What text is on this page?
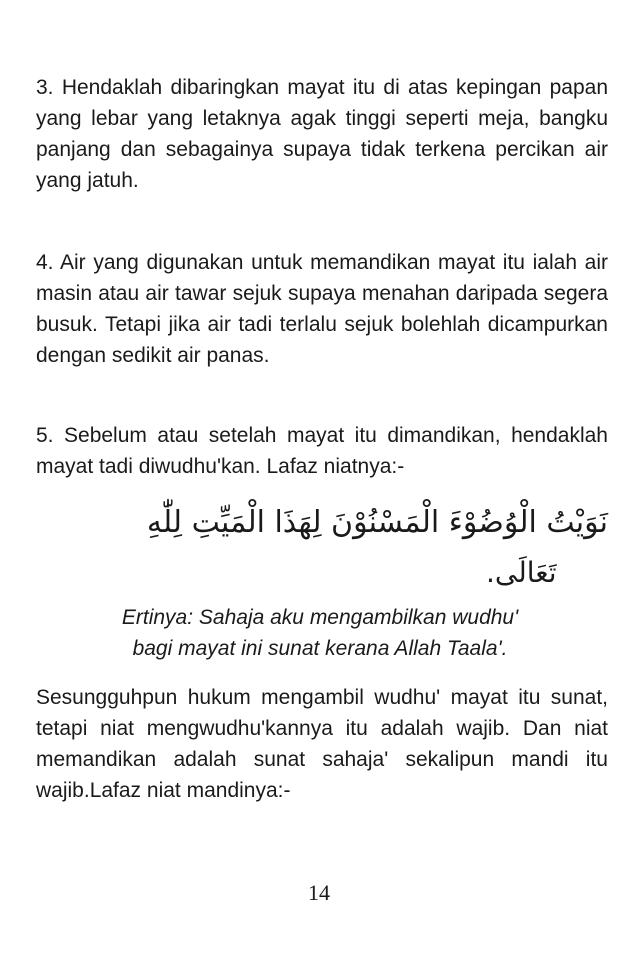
3. Hendaklah dibaringkan mayat itu di atas kepingan papan yang lebar yang letaknya agak tinggi seperti meja, bangku panjang dan sebagainya supaya tidak terkena percikan air yang jatuh.

4. Air yang digunakan untuk memandikan mayat itu ialah air masin atau air tawar sejuk supaya menahan daripada segera busuk. Tetapi jika air tadi terlalu sejuk bolehlah dicampurkan dengan sedikit air panas.

5. Sebelum atau setelah mayat itu dimandikan, hendaklah mayat tadi diwudhu'kan. Lafaz niatnya:-

نَوَيْتُ الْوُضُوْءَ الْمَسْنُوْنَ لِهَذَا الْمَيِّتِ لِلّٰهِ

تَعَالَى.

Ertinya: Sahaja aku mengambilkan wudhu'
bagi mayat ini sunat kerana Allah Taala'.

Sesungguhpun hukum mengambil wudhu' mayat itu sunat, tetapi niat mengwudhu'kannya itu adalah wajib. Dan niat memandikan adalah sunat sahaja' sekalipun mandi itu wajib.Lafaz niat mandinya:-

14
